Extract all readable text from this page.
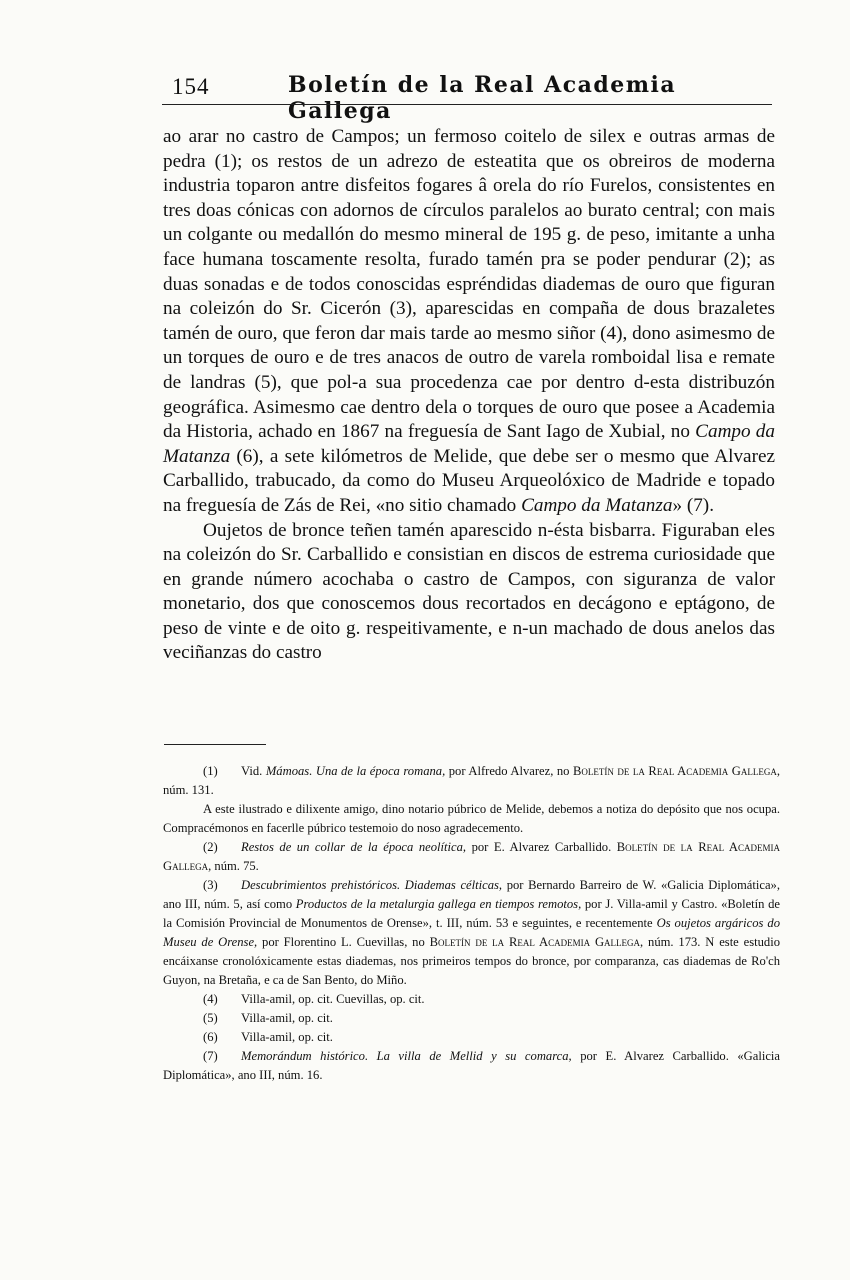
154	Boletín de la Real Academia Gallega

ao arar no castro de Campos; un fermoso coitelo de silex e outras armas de pedra (1); os restos de un adrezo de esteatita que os obreiros de moderna industria toparon antre disfeitos fogares â orela do río Furelos, consistentes en tres doas cónicas con adornos de círculos paralelos ao burato central; con mais un colgante ou medallón do mesmo mineral de 195 g. de peso, imitante a unha face humana toscamente resolta, furado tamén pra se poder pendurar (2); as duas sonadas e de todos conoscidas espréndidas diademas de ouro que figuran na coleizón do Sr. Cicerón (3), aparescidas en compaña de dous brazaletes tamén de ouro, que feron dar mais tarde ao mesmo siñor (4), dono asimesmo de un torques de ouro e de tres anacos de outro de varela romboidal lisa e remate de landras (5), que pol-a sua procedenza cae por dentro d-esta distribuzón geográfica. Asimesmo cae dentro dela o torques de ouro que posee a Academia da Historia, achado en 1867 na freguesía de Sant Iago de Xubial, no Campo da Matanza (6), a sete kilómetros de Melide, que debe ser o mesmo que Alvarez Carballido, trabucado, da como do Museu Arqueolóxico de Madride e topado na freguesía de Zás de Rei, «no sitio chamado Campo da Matanza» (7).

Oujetos de bronce teñen tamén aparescido n-ésta bisbarra. Figuraban eles na coleizón do Sr. Carballido e consistian en discos de estrema curiosidade que en grande número acochaba o castro de Campos, con siguranza de valor monetario, dos que conoscemos dous recortados en decágono e eptágono, de peso de vinte e de oito g. respeitivamente, e n-un machado de dous anelos das veciñanzas do castro

(1) Vid. Mámoas. Una de la época romana, por Alfredo Alvarez, no Boletín de la Real Academia Gallega, núm. 131.

A este ilustrado e dilixente amigo, dino notario púbrico de Melide, debemos a notiza do depósito que nos ocupa. Compracémonos en facerlle púbrico testemoio do noso agradecemento.

(2) Restos de un collar de la época neolítica, por E. Alvarez Carballido. Boletín de la Real Academia Gallega, núm. 75.

(3) Descubrimientos prehistóricos. Diademas célticas, por Bernardo Barreiro de W. «Galicia Diplomática», ano III, núm. 5, así como Productos de la metalurgia gallega en tiempos remotos, por J. Villa-amil y Castro. «Boletín de la Comisión Provincial de Monumentos de Orense», t. III, núm. 53 e seguintes, e recentemente Os oujetos argáricos do Museu de Orense, por Florentino L. Cuevillas, no Boletín de la Real Academia Gallega, núm. 173. N este estudio encáixanse cronolóxicamente estas diademas, nos primeiros tempos do bronce, por comparanza, cas diademas de Ro'ch Guyon, na Bretaña, e ca de San Bento, do Miño.

(4) Villa-amil, op. cit. Cuevillas, op. cit.

(5) Villa-amil, op. cit.

(6) Villa-amil, op. cit.

(7) Memorándum histórico. La villa de Mellid y su comarca, por E. Alvarez Carballido. «Galicia Diplomática», ano III, núm. 16.
